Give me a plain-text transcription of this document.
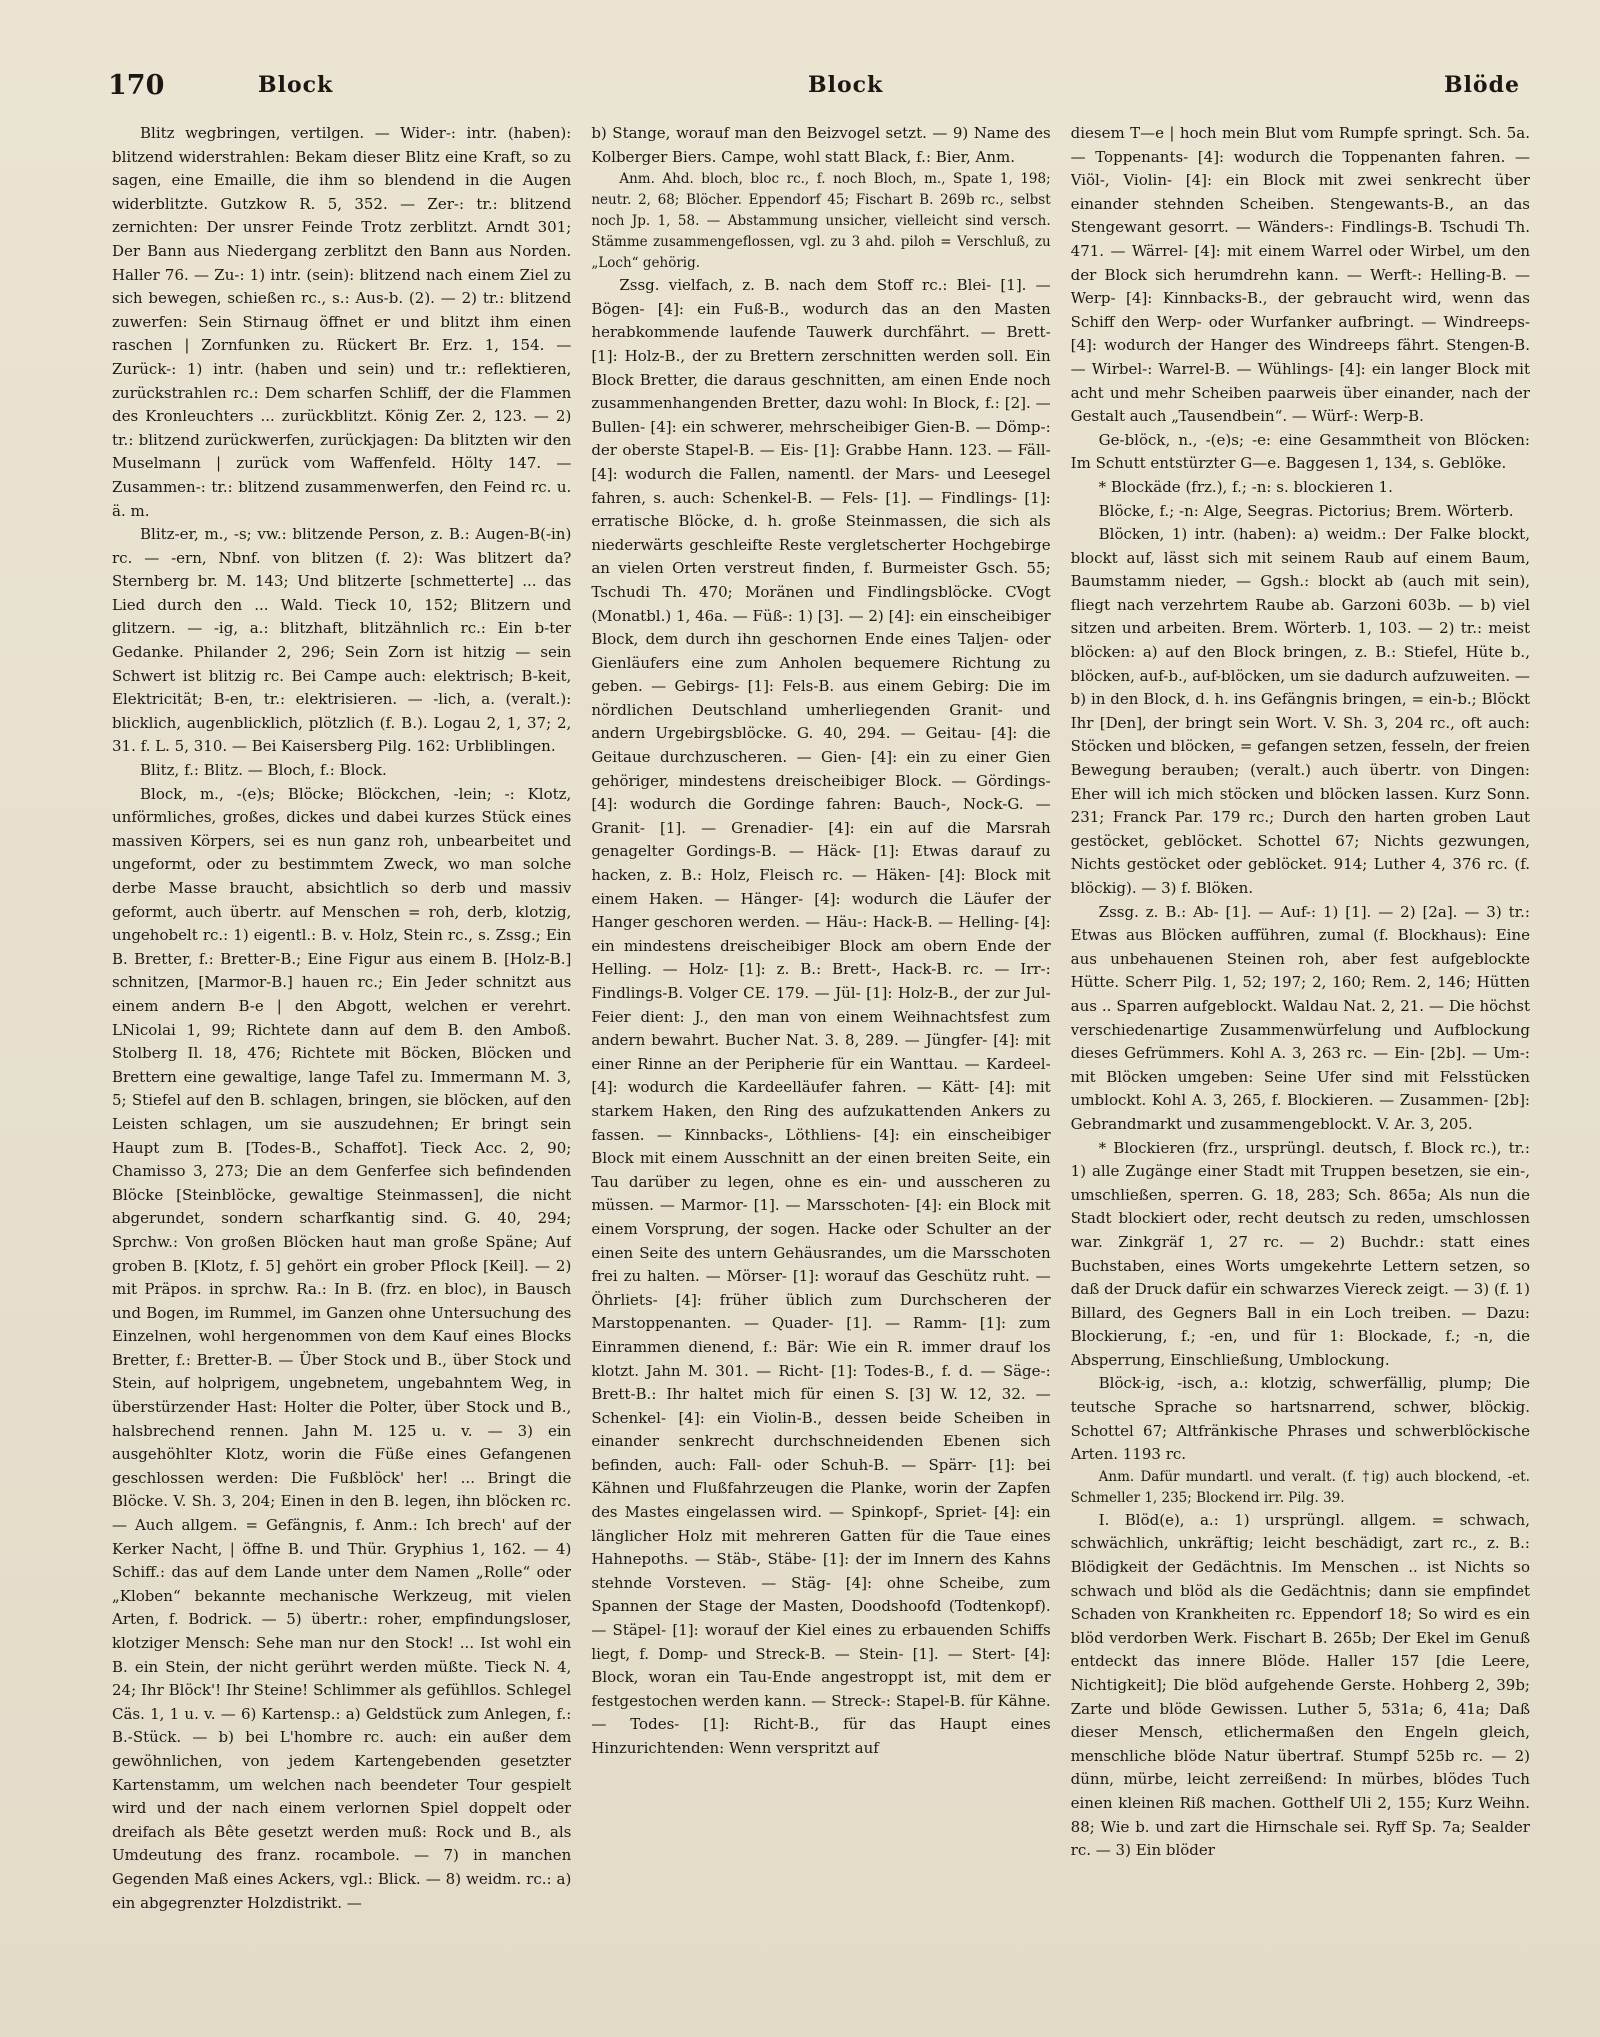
170	Block	Block	Blöde

Blitz wegbringen, vertilgen. — Wider-: intr. (haben): blitzend widerstrahlen: Bekam dieser Blitz eine Kraft, so zu sagen, eine Emaille, die ihm so blendend in die Augen widerblitzte. Gutzkow R. 5, 352. — Zer-: tr.: blitzend zernichten: Der unsrer Feinde Trotz zerblitzt. Arndt 301; Der Bann aus Niedergang zerblitzt den Bann aus Norden. Haller 76. — Zu-: 1) intr. (sein): blitzend nach einem Ziel zu sich bewegen, schießen rc., s.: Aus-b. (2). — 2) tr.: blitzend zuwerfen: Sein Stirnaug öffnet er und blitzt ihm einen raschen | Zornfunken zu. Rückert Br. Erz. 1, 154. — Zurück-: 1) intr. (haben und sein) und tr.: reflektieren, zurückstrahlen rc.: Dem scharfen Schliff, der die Flammen des Kronleuchters ... zurückblitzt. König Zer. 2, 123. — 2) tr.: blitzend zurückwerfen, zurückjagen: Da blitzten wir den Muselmann | zurück vom Waffenfeld. Hölty 147. — Zusammen-: tr.: blitzend zusammenwerfen, den Feind rc. u. ä. m.

Blitz-er, m., -s; vw.: blitzende Person, z. B.: Augen-B(-in) rc. — -ern, Nbnf. von blitzen (f. 2): Was blitzert da? Sternberg br. M. 143; Und blitzerte [schmetterte] ... das Lied durch den ... Wald. Tieck 10, 152; Blitzern und glitzern. — -ig, a.: blitzhaft, blitzähnlich rc.: Ein b-ter Gedanke. Philander 2, 296; Sein Zorn ist hitzig — sein Schwert ist blitzig rc. Bei Campe auch: elektrisch; B-keit, Elektricität; B-en, tr.: elektrisieren. — -lich, a. (veralt.): blicklich, augenblicklich, plötzlich (f. B.). Logau 2, 1, 37; 2, 31. f. L. 5, 310. — Bei Kaisersberg Pilg. 162: Urbliblingen.

Blitz, f.: Blitz. — Bloch, f.: Block.

Block, m., -(e)s; Blöcke; Blöckchen, -lein; -: Klotz, unförmliches, großes, dickes und dabei kurzes Stück eines massiven Körpers, sei es nun ganz roh, unbearbeitet und ungeformt, oder zu bestimmtem Zweck, wo man solche derbe Masse braucht, absichtlich so derb und massiv geformt, auch übertr. auf Menschen = roh, derb, klotzig, ungehobelt rc.: 1) eigentl.: B. v. Holz, Stein rc., s. Zssg.; Ein B. Bretter, f.: Bretter-B.; Eine Figur aus einem B. [Holz-B.] schnitzen, [Marmor-B.] hauen rc.; Ein Jeder schnitzt aus einem andern B-e | den Abgott, welchen er verehrt. LNicolai 1, 99; Richtete dann auf dem B. den Amboß. Stolberg Il. 18, 476; Richtete mit Böcken, Blöcken und Brettern eine gewaltige, lange Tafel zu. Immermann M. 3, 5; Stiefel auf den B. schlagen, bringen, sie blöcken, auf den Leisten schlagen, um sie auszudehnen; Er bringt sein Haupt zum B. [Todes-B., Schaffot]. Tieck Acc. 2, 90; Chamisso 3, 273; Die an dem Genferfee sich befindenden Blöcke [Steinblöcke, gewaltige Steinmassen], die nicht abgerundet, sondern scharfkantig sind. G. 40, 294; Sprchw.: Von großen Blöcken haut man große Späne; Auf groben B. [Klotz, f. 5] gehört ein grober Pflock [Keil]. — 2) mit Präpos. in sprchw. Ra.: In B. (frz. en bloc), in Bausch und Bogen, im Rummel, im Ganzen ohne Untersuchung des Einzelnen, wohl hergenommen von dem Kauf eines Blocks Bretter, f.: Bretter-B. — Über Stock und B., über Stock und Stein, auf holprigem, ungebnetem, ungebahntem Weg, in überstürzender Hast: Holter die Polter, über Stock und B., halsbrechend rennen. Jahn M. 125 u. v. — 3) ein ausgehöhlter Klotz, worin die Füße eines Gefangenen geschlossen werden: Die Fußblöck' her! ... Bringt die Blöcke. V. Sh. 3, 204; Einen in den B. legen, ihn blöcken rc. — Auch allgem. = Gefängnis, f. Anm.: Ich brech' auf der Kerker Nacht, | öffne B. und Thür. Gryphius 1, 162. — 4) Schiff.: das auf dem Lande unter dem Namen „Rolle“ oder „Kloben“ bekannte mechanische Werkzeug, mit vielen Arten, f. Bodrick. — 5) übertr.: roher, empfindungsloser, klotziger Mensch: Sehe man nur den Stock! ... Ist wohl ein B. ein Stein, der nicht gerührt werden müßte. Tieck N. 4, 24; Ihr Blöck'! Ihr Steine! Schlimmer als gefühllos. Schlegel Cäs. 1, 1 u. v. — 6) Kartensp.: a) Geldstück zum Anlegen, f.: B.-Stück. — b) bei L'hombre rc. auch: ein außer dem gewöhnlichen, von jedem Kartengebenden gesetzter Kartenstamm, um welchen nach beendeter Tour gespielt wird und der nach einem verlornen Spiel doppelt oder dreifach als Bête gesetzt werden muß: Rock und B., als Umdeutung des franz. rocambole. — 7) in manchen Gegenden Maß eines Ackers, vgl.: Blick. — 8) weidm. rc.: a) ein abgegrenzter Holzdistrikt. —

b) Stange, worauf man den Beizvogel setzt. — 9) Name des Kolberger Biers. Campe, wohl statt Black, f.: Bier, Anm.

Anm. Ahd. bloch, bloc rc., f. noch Bloch, m., Spate 1, 198; neutr. 2, 68; Blöcher. Eppendorf 45; Fischart B. 269b rc., selbst noch Jp. 1, 58. — Abstammung unsicher, vielleicht sind versch. Stämme zusammengeflossen, vgl. zu 3 ahd. piloh = Verschluß, zu „Loch“ gehörig.

Zssg. vielfach, z. B. nach dem Stoff rc.: Blei- [1]. — Bögen- [4]: ein Fuß-B., wodurch das an den Masten herabkommende laufende Tauwerk durchfährt. — Brett- [1]: Holz-B., der zu Brettern zerschnitten werden soll. Ein Block Bretter, die daraus geschnitten, am einen Ende noch zusammenhangenden Bretter, dazu wohl: In Block, f.: [2]. — Bullen- [4]: ein schwerer, mehrscheibiger Gien-B. — Dömp-: der oberste Stapel-B. — Eis- [1]: Grabbe Hann. 123. — Fäll- [4]: wodurch die Fallen, namentl. der Mars- und Leesegel fahren, s. auch: Schenkel-B. — Fels- [1]. — Findlings- [1]: erratische Blöcke, d. h. große Steinmassen, die sich als niederwärts geschleifte Reste vergletscherter Hochgebirge an vielen Orten verstreut finden, f. Burmeister Gsch. 55; Tschudi Th. 470; Moränen und Findlingsblöcke. CVogt (Monatbl.) 1, 46a. — Füß-: 1) [3]. — 2) [4]: ein einscheibiger Block, dem durch ihn geschornen Ende eines Taljen- oder Gienläufers eine zum Anholen bequemere Richtung zu geben. — Gebirgs- [1]: Fels-B. aus einem Gebirg: Die im nördlichen Deutschland umherliegenden Granit- und andern Urgebirgsblöcke. G. 40, 294. — Geitau- [4]: die Geitaue durchzuscheren. — Gien- [4]: ein zu einer Gien gehöriger, mindestens dreischeibiger Block. — Gördings- [4]: wodurch die Gordinge fahren: Bauch-, Nock-G. — Granit- [1]. — Grenadier- [4]: ein auf die Marsrah genagelter Gordings-B. — Häck- [1]: Etwas darauf zu hacken, z. B.: Holz, Fleisch rc. — Häken- [4]: Block mit einem Haken. — Hänger- [4]: wodurch die Läufer der Hanger geschoren werden. — Häu-: Hack-B. — Helling- [4]: ein mindestens dreischeibiger Block am obern Ende der Helling. — Holz- [1]: z. B.: Brett-, Hack-B. rc. — Irr-: Findlings-B. Volger CE. 179. — Jül- [1]: Holz-B., der zur Jul-Feier dient: J., den man von einem Weihnachtsfest zum andern bewahrt. Bucher Nat. 3. 8, 289. — Jüngfer- [4]: mit einer Rinne an der Peripherie für ein Wanttau. — Kardeel- [4]: wodurch die Kardeelläufer fahren. — Kätt- [4]: mit starkem Haken, den Ring des aufzukattenden Ankers zu fassen. — Kinnbacks-, Löthliens- [4]: ein einscheibiger Block mit einem Ausschnitt an der einen breiten Seite, ein Tau darüber zu legen, ohne es ein- und ausscheren zu müssen. — Marmor- [1]. — Marsschoten- [4]: ein Block mit einem Vorsprung, der sogen. Hacke oder Schulter an der einen Seite des untern Gehäusrandes, um die Marsschoten frei zu halten. — Mörser- [1]: worauf das Geschütz ruht. — Öhrliets- [4]: früher üblich zum Durchscheren der Marstoppenanten. — Quader- [1]. — Ramm- [1]: zum Einrammen dienend, f.: Bär: Wie ein R. immer drauf los klotzt. Jahn M. 301. — Richt- [1]: Todes-B., f. d. — Säge-: Brett-B.: Ihr haltet mich für einen S. [3] W. 12, 32. — Schenkel- [4]: ein Violin-B., dessen beide Scheiben in einander senkrecht durchschneidenden Ebenen sich befinden, auch: Fall- oder Schuh-B. — Spärr- [1]: bei Kähnen und Flußfahrzeugen die Planke, worin der Zapfen des Mastes eingelassen wird. — Spinkopf-, Spriet- [4]: ein länglicher Holz mit mehreren Gatten für die Taue eines Hahnepoths. — Stäb-, Stäbe- [1]: der im Innern des Kahns stehnde Vorsteven. — Stäg- [4]: ohne Scheibe, zum Spannen der Stage der Masten, Doodshoofd (Todtenkopf). — Stäpel- [1]: worauf der Kiel eines zu erbauenden Schiffs liegt, f. Domp- und Streck-B. — Stein- [1]. — Stert- [4]: Block, woran ein Tau-Ende angestroppt ist, mit dem er festgestochen werden kann. — Streck-: Stapel-B. für Kähne. — Todes- [1]: Richt-B., für das Haupt eines Hinzurichtenden: Wenn verspritzt auf

diesem T—e | hoch mein Blut vom Rumpfe springt. Sch. 5a. — Toppenants- [4]: wodurch die Toppenanten fahren. — Viöl-, Violin- [4]: ein Block mit zwei senkrecht über einander stehnden Scheiben. Stengewants-B., an das Stengewant gesorrt. — Wänders-: Findlings-B. Tschudi Th. 471. — Wärrel- [4]: mit einem Warrel oder Wirbel, um den der Block sich herumdrehn kann. — Werft-: Helling-B. — Werp- [4]: Kinnbacks-B., der gebraucht wird, wenn das Schiff den Werp- oder Wurfanker aufbringt. — Windreeps- [4]: wodurch der Hanger des Windreeps fährt. Stengen-B. — Wirbel-: Warrel-B. — Wühlings- [4]: ein langer Block mit acht und mehr Scheiben paarweis über einander, nach der Gestalt auch „Tausendbein“. — Würf-: Werp-B.

Ge-blöck, n., -(e)s; -e: eine Gesammtheit von Blöcken: Im Schutt entstürzter G—e. Baggesen 1, 134, s. Geblöke.

* Blockäde (frz.), f.; -n: s. blockieren 1.

Blöcke, f.; -n: Alge, Seegras. Pictorius; Brem. Wörterb.

Blöcken, 1) intr. (haben): a) weidm.: Der Falke blockt, blockt auf, lässt sich mit seinem Raub auf einem Baum, Baumstamm nieder, — Ggsh.: blockt ab (auch mit sein), fliegt nach verzehrtem Raube ab. Garzoni 603b. — b) viel sitzen und arbeiten. Brem. Wörterb. 1, 103. — 2) tr.: meist blöcken: a) auf den Block bringen, z. B.: Stiefel, Hüte b., blöcken, auf-b., auf-blöcken, um sie dadurch aufzuweiten. — b) in den Block, d. h. ins Gefängnis bringen, = ein-b.; Blöckt Ihr [Den], der bringt sein Wort. V. Sh. 3, 204 rc., oft auch: Stöcken und blöcken, = gefangen setzen, fesseln, der freien Bewegung berauben; (veralt.) auch übertr. von Dingen: Eher will ich mich stöcken und blöcken lassen. Kurz Sonn. 231; Franck Par. 179 rc.; Durch den harten groben Laut gestöcket, geblöcket. Schottel 67; Nichts gezwungen, Nichts gestöcket oder geblöcket. 914; Luther 4, 376 rc. (f. blöckig). — 3) f. Blöken.

Zssg. z. B.: Ab- [1]. — Auf-: 1) [1]. — 2) [2a]. — 3) tr.: Etwas aus Blöcken aufführen, zumal (f. Blockhaus): Eine aus unbehauenen Steinen roh, aber fest aufgeblockte Hütte. Scherr Pilg. 1, 52; 197; 2, 160; Rem. 2, 146; Hütten aus .. Sparren aufgeblockt. Waldau Nat. 2, 21. — Die höchst verschiedenartige Zusammenwürfelung und Aufblockung dieses Gefrümmers. Kohl A. 3, 263 rc. — Ein- [2b]. — Um-: mit Blöcken umgeben: Seine Ufer sind mit Felsstücken umblockt. Kohl A. 3, 265, f. Blockieren. — Zusammen- [2b]: Gebrandmarkt und zusammengeblockt. V. Ar. 3, 205.

* Blockieren (frz., ursprüngl. deutsch, f. Block rc.), tr.: 1) alle Zugänge einer Stadt mit Truppen besetzen, sie ein-, umschließen, sperren. G. 18, 283; Sch. 865a; Als nun die Stadt blockiert oder, recht deutsch zu reden, umschlossen war. Zinkgräf 1, 27 rc. — 2) Buchdr.: statt eines Buchstaben, eines Worts umgekehrte Lettern setzen, so daß der Druck dafür ein schwarzes Viereck zeigt. — 3) (f. 1) Billard, des Gegners Ball in ein Loch treiben. — Dazu: Blockierung, f.; -en, und für 1: Blockade, f.; -n, die Absperrung, Einschließung, Umblockung.

Blöck-ig, -isch, a.: klotzig, schwerfällig, plump; Die teutsche Sprache so hartsnarrend, schwer, blöckig. Schottel 67; Altfränkische Phrases und schwerblöckische Arten. 1193 rc.

Anm. Dafür mundartl. und veralt. (f. †ig) auch blockend, -et. Schmeller 1, 235; Blockend irr. Pilg. 39.

I. Blöd(e), a.: 1) ursprüngl. allgem. = schwach, schwächlich, unkräftig; leicht beschädigt, zart rc., z. B.: Blödigkeit der Gedächtnis. Im Menschen .. ist Nichts so schwach und blöd als die Gedächtnis; dann sie empfindet Schaden von Krankheiten rc. Eppendorf 18; So wird es ein blöd verdorben Werk. Fischart B. 265b; Der Ekel im Genuß entdeckt das innere Blöde. Haller 157 [die Leere, Nichtigkeit]; Die blöd aufgehende Gerste. Hohberg 2, 39b; Zarte und blöde Gewissen. Luther 5, 531a; 6, 41a; Daß dieser Mensch, etlichermaßen den Engeln gleich, menschliche blöde Natur übertraf. Stumpf 525b rc. — 2) dünn, mürbe, leicht zerreißend: In mürbes, blödes Tuch einen kleinen Riß machen. Gotthelf Uli 2, 155; Kurz Weihn. 88; Wie b. und zart die Hirnschale sei. Ryff Sp. 7a; Sealder rc. — 3) Ein blöder
